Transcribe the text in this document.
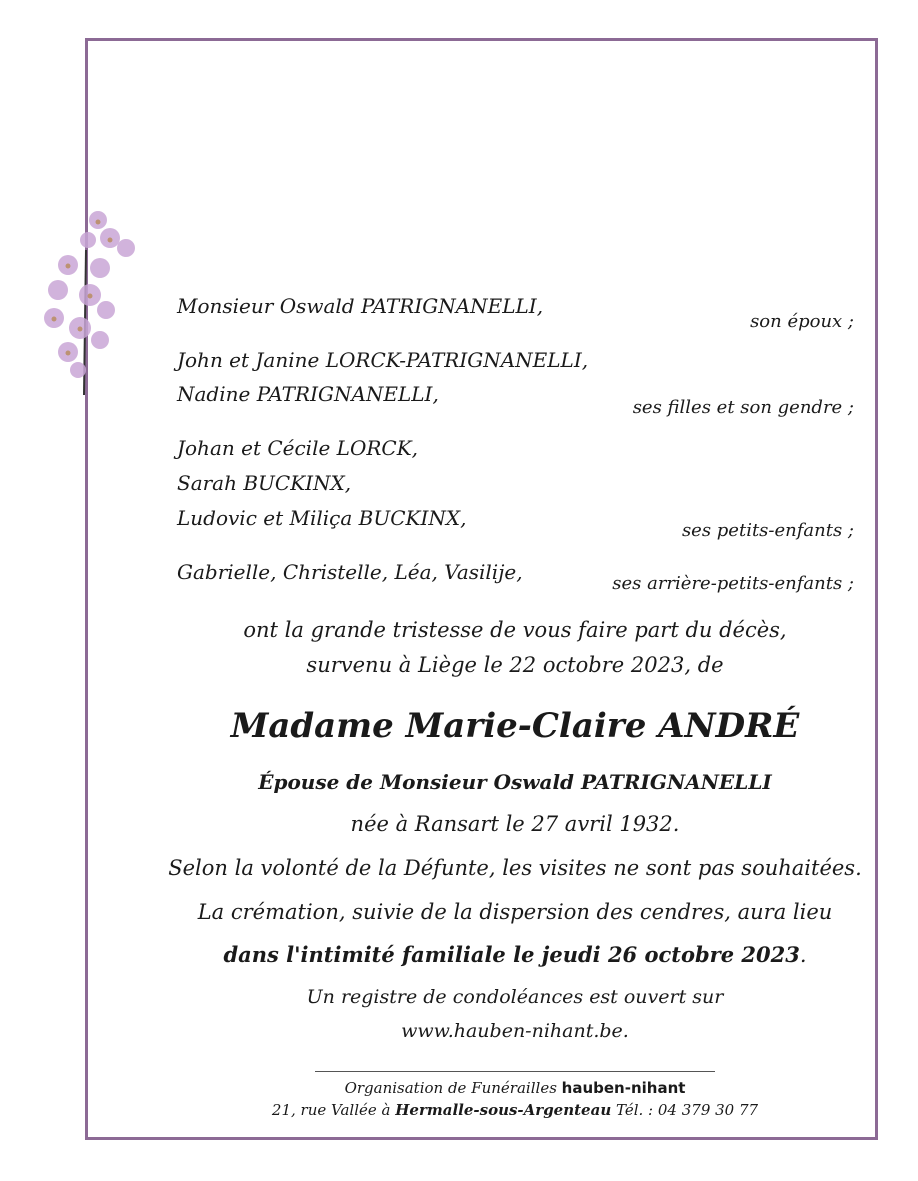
Monsieur Oswald PATRIGNANELLI,
son époux ;
John et Janine LORCK-PATRIGNANELLI,
Nadine PATRIGNANELLI,
ses filles et son gendre ;
Johan et Cécile LORCK,
Sarah BUCKINX,
Ludovic et Miliça BUCKINX,
ses petits-enfants ;
Gabrielle, Christelle, Léa, Vasilije,	ses arrière-petits-enfants ;
ont la grande tristesse de vous faire part du décès,
survenu à Liège le 22 octobre 2023, de
Madame Marie-Claire ANDRÉ
Épouse de Monsieur Oswald PATRIGNANELLI
née à Ransart le 27 avril 1932.
Selon la volonté de la Défunte, les visites ne sont pas souhaitées.
La crémation, suivie de la dispersion des cendres, aura lieu
dans l'intimité familiale le jeudi 26 octobre 2023.
Un registre de condoléances est ouvert sur
www.hauben-nihant.be.
Organisation de Funérailles hauben-nihant
21, rue Vallée à Hermalle-sous-Argenteau Tél. : 04 379 30 77
